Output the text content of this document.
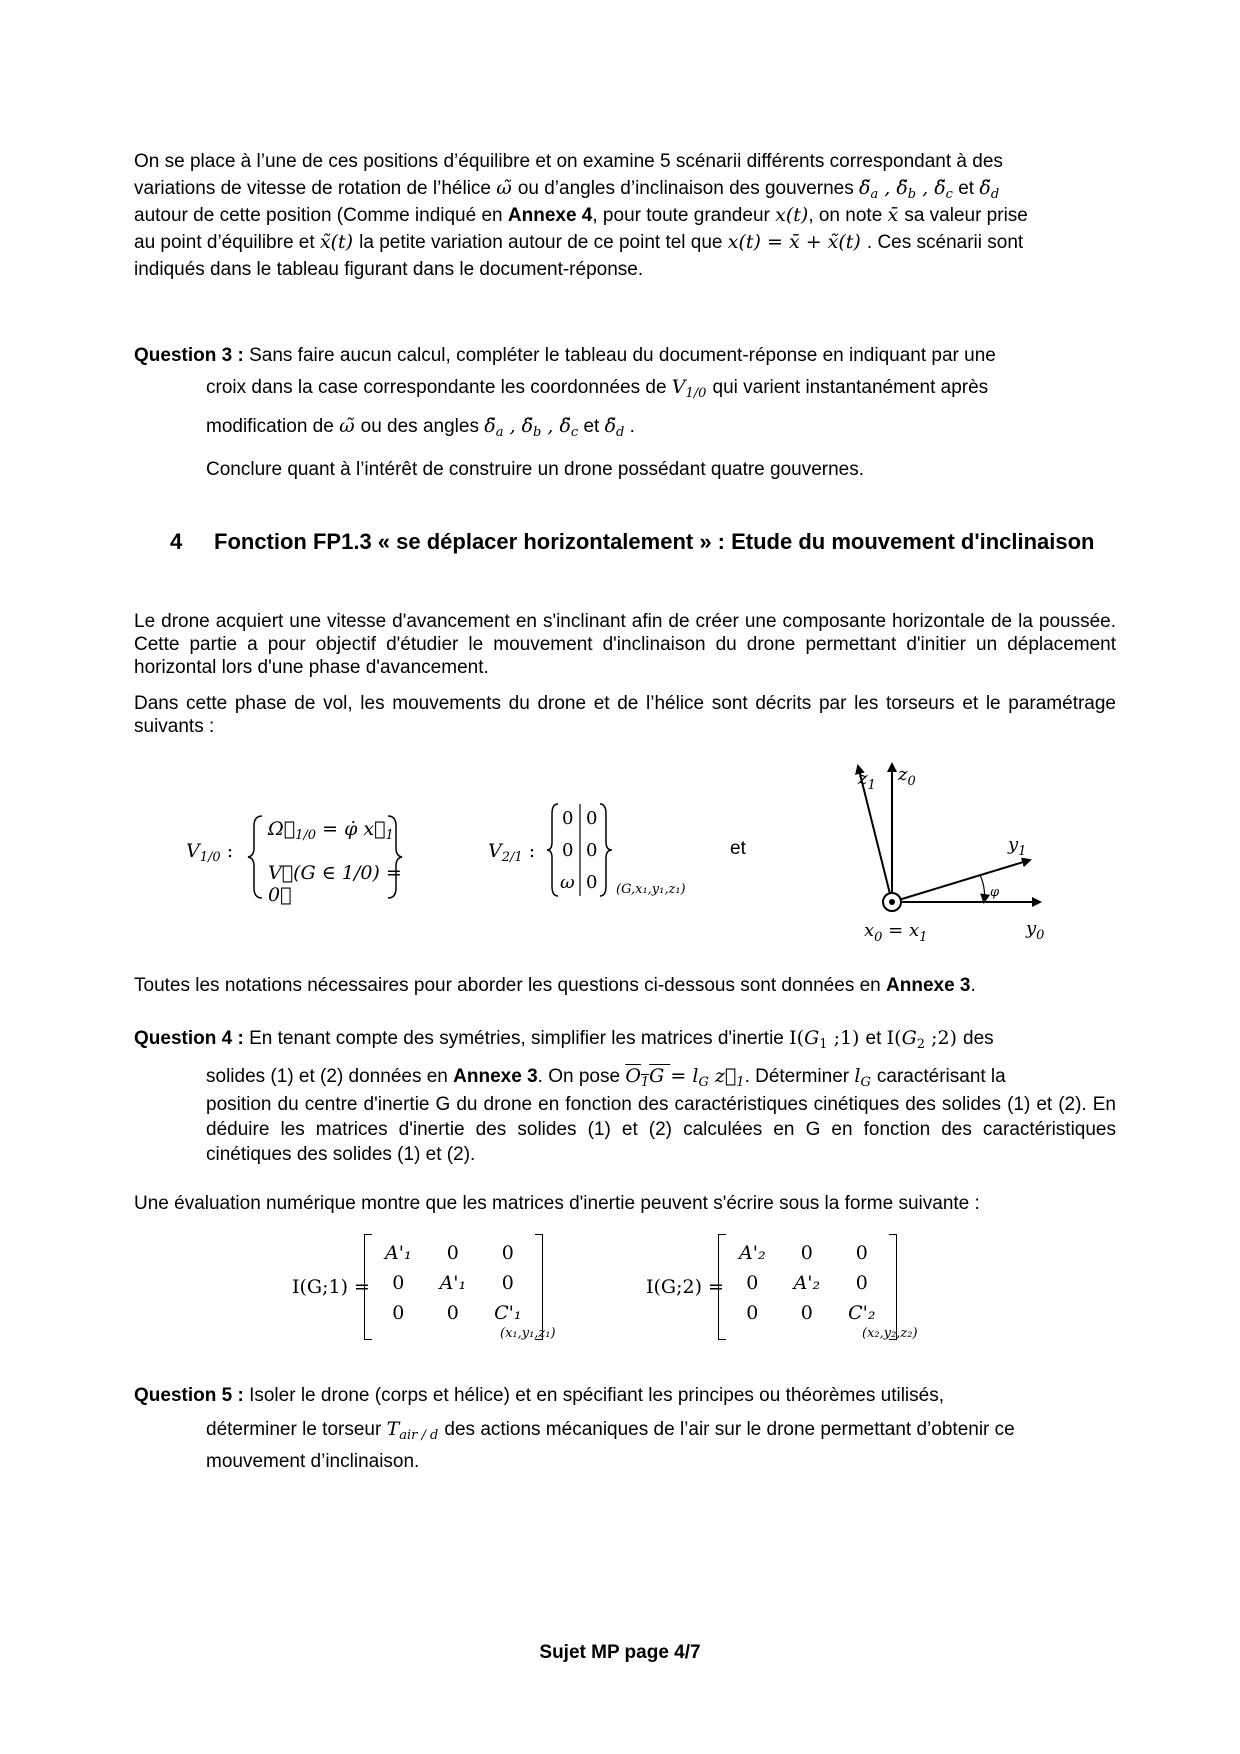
On se place à l’une de ces positions d’équilibre et on examine 5 scénarii différents correspondant à des
variations de vitesse de rotation de l’hélice ω̃ ou d’angles d’inclinaison des gouvernes $\deltã_a$ , $\deltã_b$ , $\deltã_c$ et $\deltã_d$
autour de cette position (Comme indiqué en Annexe 4, pour toute grandeur x(t), on note x̄ sa valeur prise
au point d’équilibre et x̃(t) la petite variation autour de ce point tel que x(t) = x̄ + x̃(t) . Ces scénarii sont
indiqués dans le tableau figurant dans le document-réponse.
Question 3 : Sans faire aucun calcul, compléter le tableau du document-réponse en indiquant par une
croix dans la case correspondante les coordonnées de $V_{1/0}$ qui varient instantanément après
modification de ω̃ ou des angles $\deltã_a$ , $\deltã_b$ , $\deltã_c$ et $\deltã_d$ .
Conclure quant à l’intérêt de construire un drone possédant quatre gouvernes.
4 Fonction FP1.3 « se déplacer horizontalement » : Etude du mouvement d'inclinaison
Le drone acquiert une vitesse d'avancement en s'inclinant afin de créer une composante horizontale de la poussée. Cette partie a pour objectif d'étudier le mouvement d'inclinaison du drone permettant d'initier un déplacement horizontal lors d'une phase d'avancement.
Dans cette phase de vol, les mouvements du drone et de l’hélice sont décrits par les torseurs et le paramétrage suivants :
$V_{1/0}$ :
$\Omega⃗_{1/0}$ = φ̇ $x⃗_1$
V⃗(G ∈ 1/0) = 0⃗
$V_{2/1}$ :
0 0
0 0
ω 0 (G,x₁,y₁,z₁)
et
$z_1$
$z_0$
$y_1$
$y_0$
$x_0 = x_1$
φ
Toutes les notations nécessaires pour aborder les questions ci-dessous sont données en Annexe 3.
Question 4 : En tenant compte des symétries, simplifier les matrices d'inertie $I(G_1$ ;1) et $I(G_2$ ;2) des
solides (1) et (2) données en Annexe 3. On pose $O_1G = l_G$ $z⃗_1$. Déterminer $l_G$ caractérisant la
position du centre d'inertie G du drone en fonction des caractéristiques cinétiques des solides (1) et (2). En déduire les matrices d'inertie des solides (1) et (2) calculées en G en fonction des caractéristiques cinétiques des solides (1) et (2).
Une évaluation numérique montre que les matrices d'inertie peuvent s'écrire sous la forme suivante :
I(G;1) =
A'₁	0	0
0	A'₁	0
0	0	C'₁
(x₁,y₁,z₁)
I(G;2) =
A'₂	0	0
0	A'₂	0
0	0	C'₂
(x₂,y₂,z₂)
Question 5 : Isoler le drone (corps et hélice) et en spécifiant les principes ou théorèmes utilisés,
déterminer le torseur $T_{air / d}$ des actions mécaniques de l’air sur le drone permettant d’obtenir ce
mouvement d’inclinaison.
Sujet MP page 4/7
